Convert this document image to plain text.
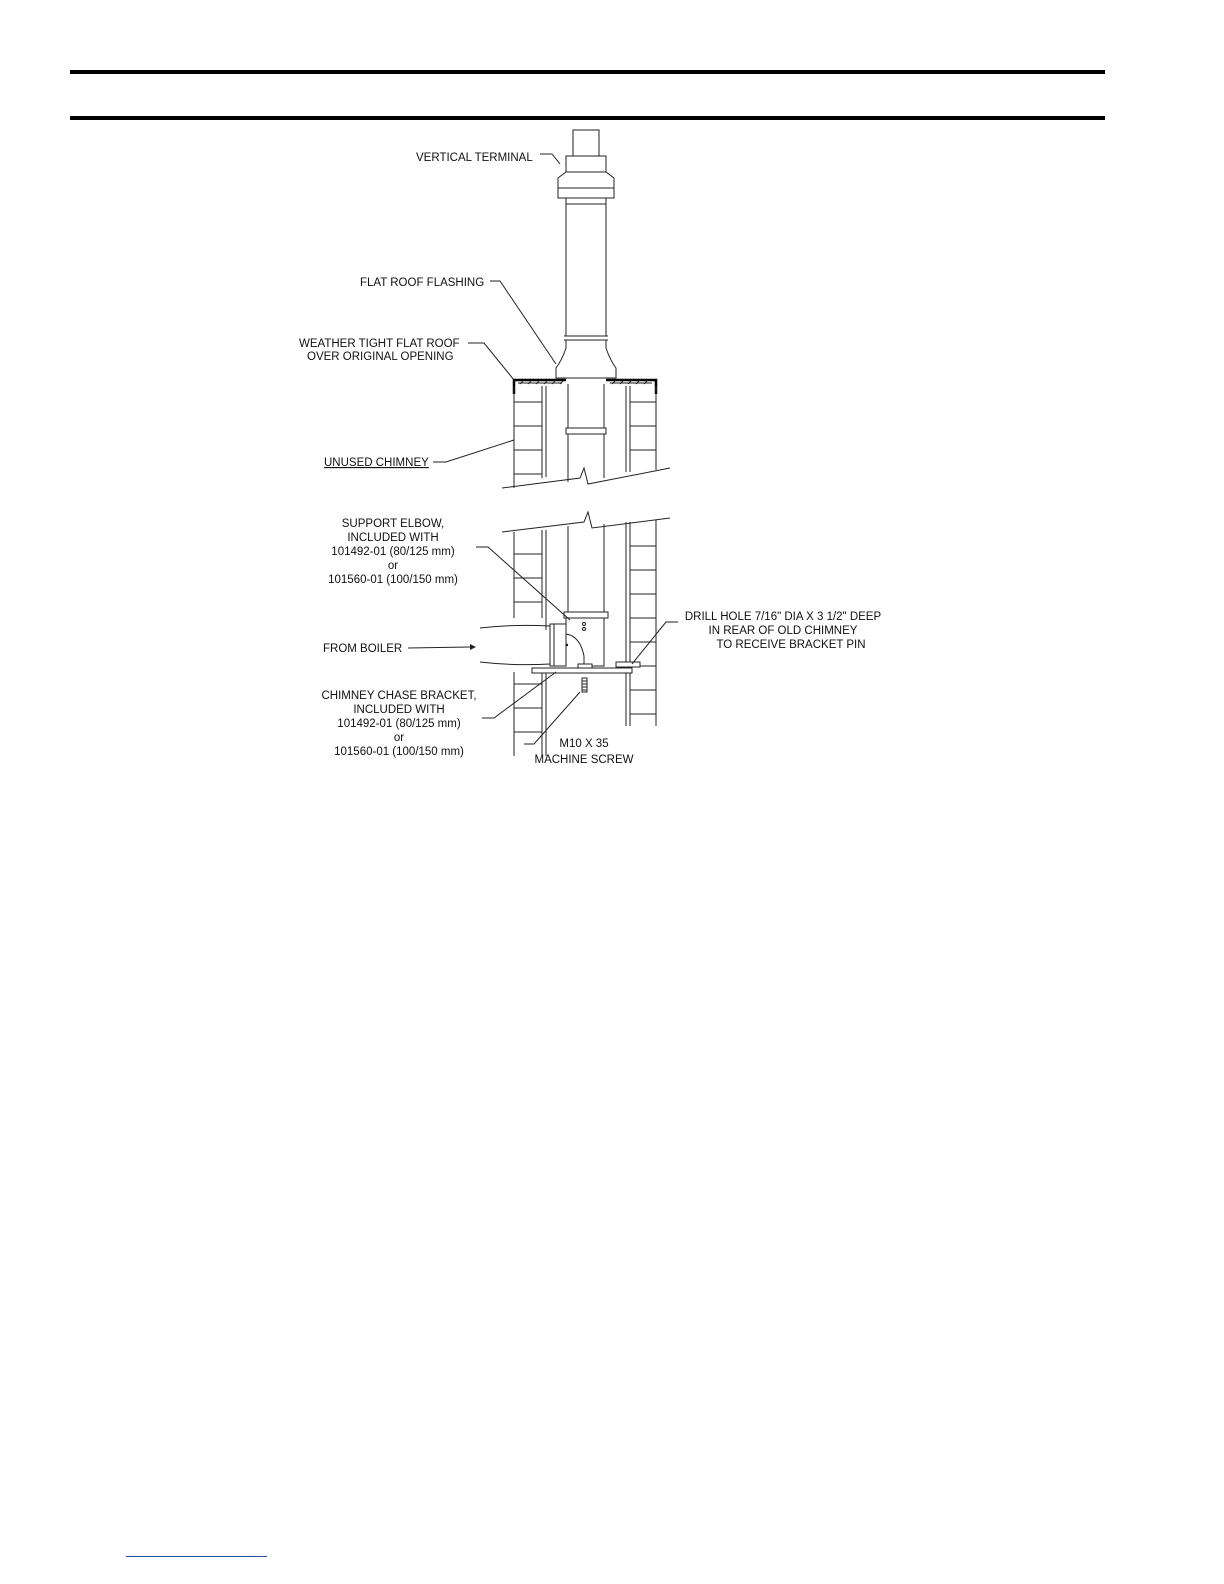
VERTICAL TERMINAL
FLAT ROOF FLASHING
WEATHER TIGHT FLAT ROOF
OVER ORIGINAL OPENING
UNUSED CHIMNEY
SUPPORT ELBOW,
INCLUDED WITH
101492-01 (80/125 mm)
or
101560-01 (100/150 mm)
FROM BOILER
CHIMNEY CHASE BRACKET,
INCLUDED WITH
101492-01 (80/125 mm)
or
101560-01 (100/150 mm)
DRILL HOLE 7/16" DIA X 3 1/2" DEEP
IN REAR OF OLD CHIMNEY
TO RECEIVE BRACKET PIN
M10 X 35
MACHINE SCREW
